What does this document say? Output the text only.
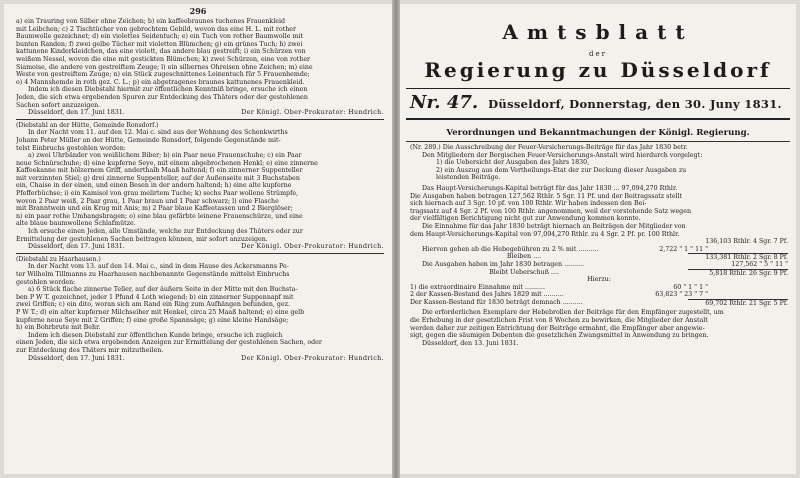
296
a) ein Trauring von Silber ohne Zeichen; b) ein kaffeebraunes tuchenes Frauenkleid
mit Leibchen; c) 2 Tischtücher von gebrochtem Gebild, wovon das eine H. L. mit rother
Baumwolle gezeichnet; d) ein violettes Seidentuch; e) ein Tuch von rother Baumwolle mit
bunten Randen; f) zwei gelbe Tücher mit violetten Blümchen; g) ein grünes Tuch; h) zwei
kattunene Kinderkleidchen, das eine violett, das andere blau gestreift; i) ein Schürzen von
weißem Nessel, wovon die eine mit gestickten Blümchen; k) zwei Schürzen, eine von rother
Siamoise, die andere von gestreiftem Zeuge; l) ein silbernes Ohreisen ohne Zeichen; m) eine
Weste von gestreiftem Zeuge; n) ein Stück zugeschnittenes Leinentuch für 5 Frauenhemde;
o) 4 Mannshemde in roth gez. C. L.; p) ein abgetragenes braunes kattunenes Frauenkleid.
Indem ich diesen Diebstahl hiermit zur öffentlichen Kenntniß bringe, ersuche ich einen
Jeden, die sich etwa ergebenden Spuren zur Entdeckung des Thäters oder der gestohlenen
Sachen sofort anzuzeigen.
Düsseldorf, den 17. Juni 1831.	Der Königl. Ober-Prokurator: Hundrich.
(Diebstahl an der Hütte, Gemeinde Ronsdorf.)
In der Nacht vom 11. auf den 12. Mai c. sind aus der Wohnung des Schenkwirths
Johann Peter Müller an der Hütte, Gemeinde Ronsdorf, folgende Gegenstände mit-
telst Einbruchs gestohlen worden:
a) zwei Uhrbänder von weißlichem Biber; b) ein Paar neue Frauenschuhe; c) ein Paar
neue Schnürschuhe; d) eine kupferne Seye, mit einem abgebrochenen Henkl; e) eine zinnerne
Kaffeekanne mit hölzernem Griff, anderthalb Maaß haltend; f) ein zinnerner Suppenteller
mit verzinnten Stiel; g) drei zinnerne Suppenteller, auf der Außenseite mit 3 Buchstaben
ein, Chaise in der einen, und einen Besen in der andern haltend; h) eine alte kupferne
Pfefferbüchse; i) ein Kamisol von grau melirtem Tuche; k) sechs Paar wollene Strümpfe,
wovon 2 Paar weiß, 2 Paar grau, 1 Paar braun und 1 Paar schwarz; l) eine Flasche
mit Branntwein und ein Krug mit Anis; m) 2 Paar blaue Kaffeetassen und 2 Bierglöser;
n) ein paar rothe Umhangsbragen; o) eine blau gefärbte leinene Frauenschürze, und eine
alte blaue baumwollene Schlafmütze.
Ich ersuche einen Jeden, alle Umstände, welche zur Entdeckung des Thäters oder zur
Ermittelung der gestohlenen Sachen beitragen können, mir sofort anzuzeigen.
Düsseldorf, den 17. Juni 1831.	Der Königl. Ober-Prokurator: Hundrich.
(Diebstahl zu Haarhausen.)
In der Nacht vom 13. auf den 14. Mai c., sind in dem Hause des Ackersmanns Pe-
ter Wilhelm Tillmanns zu Haarhausen nachbenannte Gegenstände mittelst Einbruchs
gestohlen worden:
a) 6 Stück flache zinnerne Teller, auf der äußern Seite in der Mitte mit den Buchsta-
ben P W T. gezeichnet, jeder 1 Pfund 4 Loth wiegend; b) ein zinnerner Suppennapf mit
zwei Griffen; c) ein dito, woran sich am Rand ein Ring zum Aufhängen befunden, gez.
P W T.; d) ein alter kupferner Milchseiher mit Henkel, circa 25 Maaß haltend; e) eine gelb
kupferne neue Seye mit 2 Griffen; f) eine große Spannsäge; g) eine kleine Handsäge;
h) ein Bohrbrute mit Behr.
Indem ich diesen Diebstahl zur öffentlichen Kunde bringe, ersuche ich zugleich
einen Jeden, die sich etwa ergebenden Anzeigen zur Ermittelung der gestohlenen Sachen, oder
zur Entdeckung des Thäters mir mitzutheilen.
Düsseldorf, den 17. Juni 1831.	Der Königl. Ober-Prokurator: Hundrich.
Amtsblatt
der
Regierung zu Düsseldorf
Nr. 47. Düsseldorf, Donnerstag, den 30. Juny 1831.
Verordnungen und Bekanntmachungen der Königl. Regierung.
(Nr. 289.) Die Ausschreibung der Feuer-Versicherungs-Beiträge für das Jahr 1830 betr.
Den Mitgliedern der Bergischen Feuer-Versicherungs-Anstalt wird hierdurch vorgelegt:
1) die Uebersicht der Ausgaben des Jahrs 1830,
2) ein Auszug aus dem Vertheilungs-Etat der zur Deckung dieser Ausgaben zu
leistenden Beiträge.
Das Haupt-Versicherungs-Kapital beträgt für das Jahr 1830 ... 97,094,270 Rthlr.
Die Ausgaben haben betragen 127,562 Rthlr. 5 Sgr. 11 Pf. und der Beitragssatz stellt
sich hiernach auf 3 Sgr. 10 pf. von 100 Rthlr. Wir haben indessen den Bei-
tragssatz auf 4 Sgr. 2 Pf. von 100 Rthlr. angenommen, weil der vorstehende Satz wegen
der vielfältigen Berichtigung nicht gut zur Anwendung kommen konnte.
Die Einnahme für das Jahr 1830 beträgt hiernach an Beiträgen der Mitglieder von
dem Haupt-Versicherungs-Kapital von 97,094,270 Rthlr. zu 4 Sgr. 2 Pf. pr. 100 Rthlr.
136,103 Rthlr. 4 Sgr. 7 Pf.
Hiervon gehen ab die Hebegebühren zu 2 % mit ..........	2,722 " 1 " 11 "
Bleiben ....	133,381 Rthlr. 2 Sgr. 8 Pf.
Die Ausgaben haben im Jahr 1830 betragen ..........	127,562 " 5 " 11 "
Bleibt Ueberschuß ....	5,818 Rthlr. 26 Sgr. 9 Pf.
Hierzu:
1) die extraordinaire Einnahme mit ..........	60 " 1 " 1 "
2 der Kassen-Bestand des Jahrs 1829 mit ..........	63,823 " 23 " 7 "
Der Kassen-Bestand für 1830 beträgt demnach ..........	69,702 Rthlr. 21 Sgr. 5 Pf.
Die erforderlichen Exemplare der Hebebrollen der Beiträge für den Empfänger zugestellt, um
die Erhebung in der gesetzlichen Frist von 8 Wochen zu bewirken, die Mitglieder der Anstalt
werden daher zur zeitigen Entrichtung der Beiträge ermahnt, die Empfänger aber angewie-
sigt, gegen die säumigen Debenten die gesetzlichen Zwangsmittel in Anwendung zu bringen.
Düsseldorf, den 13. Juni 1831.
